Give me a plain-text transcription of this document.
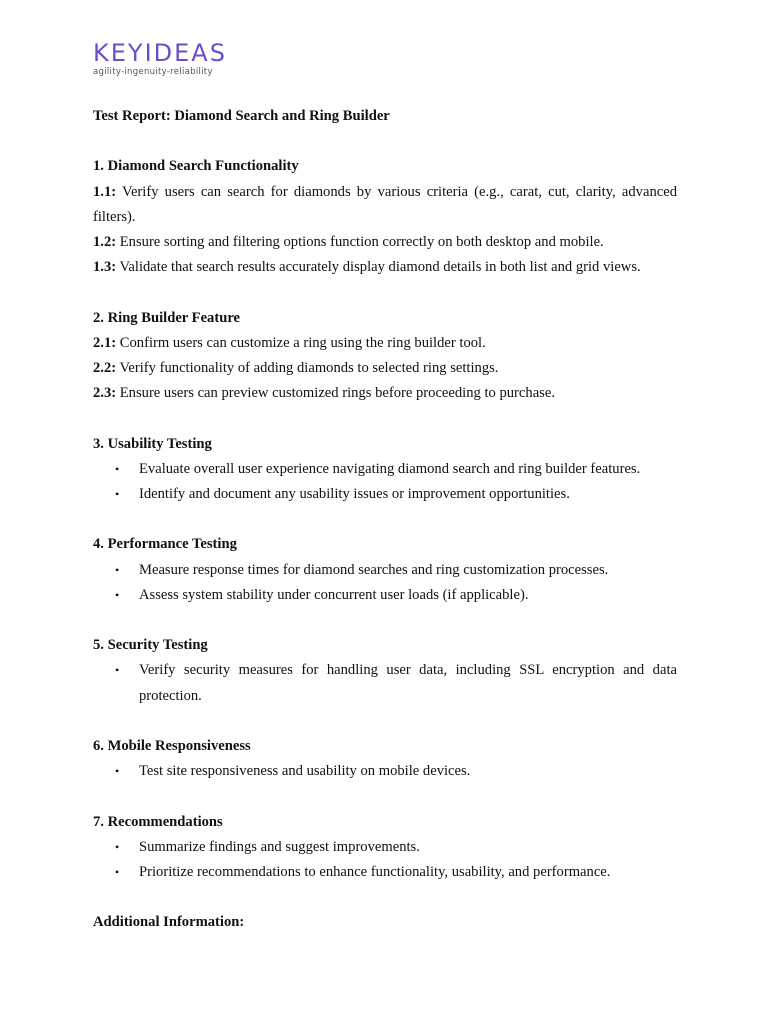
KEYIDEAS
agility-ingenuity-reliability

Test Report: Diamond Search and Ring Builder

1. Diamond Search Functionality

1.1: Verify users can search for diamonds by various criteria (e.g., carat, cut, clarity, advanced filters).

1.2: Ensure sorting and filtering options function correctly on both desktop and mobile.

1.3: Validate that search results accurately display diamond details in both list and grid views.

2. Ring Builder Feature

2.1: Confirm users can customize a ring using the ring builder tool.

2.2: Verify functionality of adding diamonds to selected ring settings.

2.3: Ensure users can preview customized rings before proceeding to purchase.

3. Usability Testing

• Evaluate overall user experience navigating diamond search and ring builder features.
• Identify and document any usability issues or improvement opportunities.

4. Performance Testing

• Measure response times for diamond searches and ring customization processes.
• Assess system stability under concurrent user loads (if applicable).

5. Security Testing

• Verify security measures for handling user data, including SSL encryption and data protection.

6. Mobile Responsiveness

• Test site responsiveness and usability on mobile devices.

7. Recommendations

• Summarize findings and suggest improvements.
• Prioritize recommendations to enhance functionality, usability, and performance.

Additional Information:
